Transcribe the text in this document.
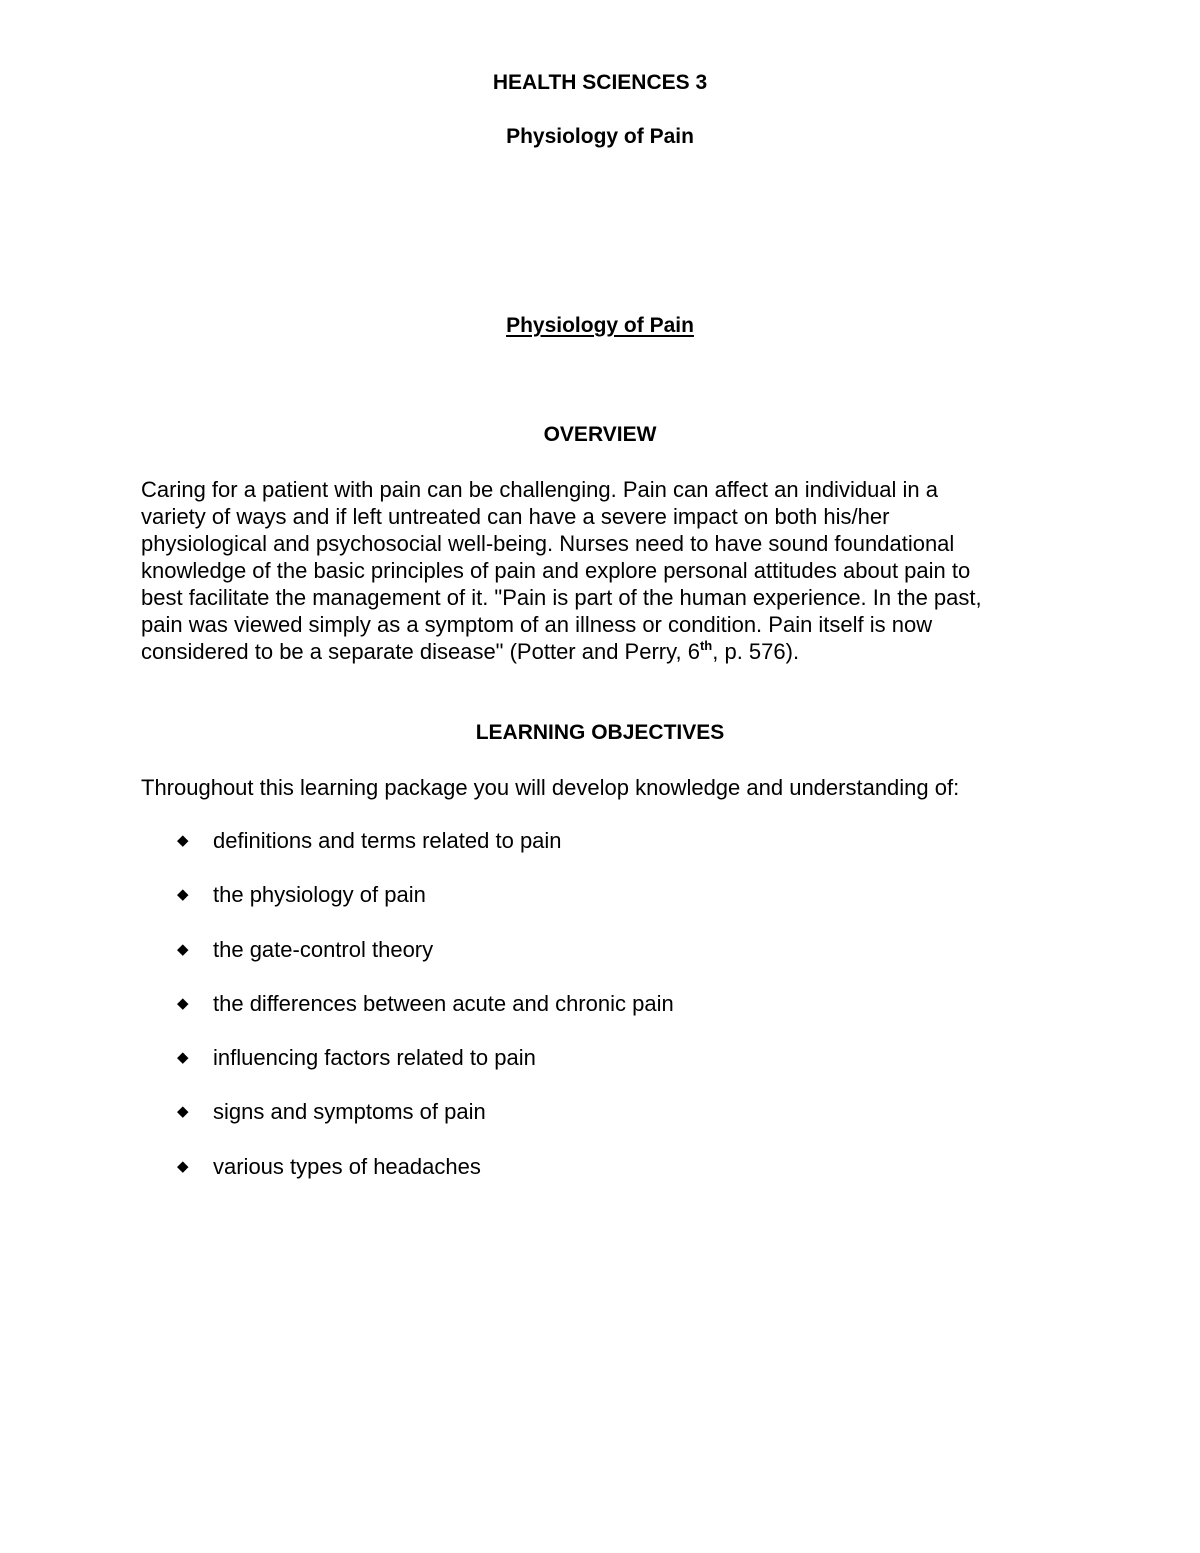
HEALTH SCIENCES 3
Physiology of Pain
Physiology of Pain
OVERVIEW
Caring for a patient with pain can be challenging. Pain can affect an individual in a
variety of ways and if left untreated can have a severe impact on both his/her
physiological and psychosocial well-being. Nurses need to have sound foundational
knowledge of the basic principles of pain and explore personal attitudes about pain to
best facilitate the management of it. "Pain is part of the human experience. In the past,
pain was viewed simply as a symptom of an illness or condition. Pain itself is now
considered to be a separate disease" (Potter and Perry, 6th, p. 576).
LEARNING OBJECTIVES
Throughout this learning package you will develop knowledge and understanding of:
◆	definitions and terms related to pain
◆	the physiology of pain
◆	the gate-control theory
◆	the differences between acute and chronic pain
◆	influencing factors related to pain
◆	signs and symptoms of pain
◆	various types of headaches
